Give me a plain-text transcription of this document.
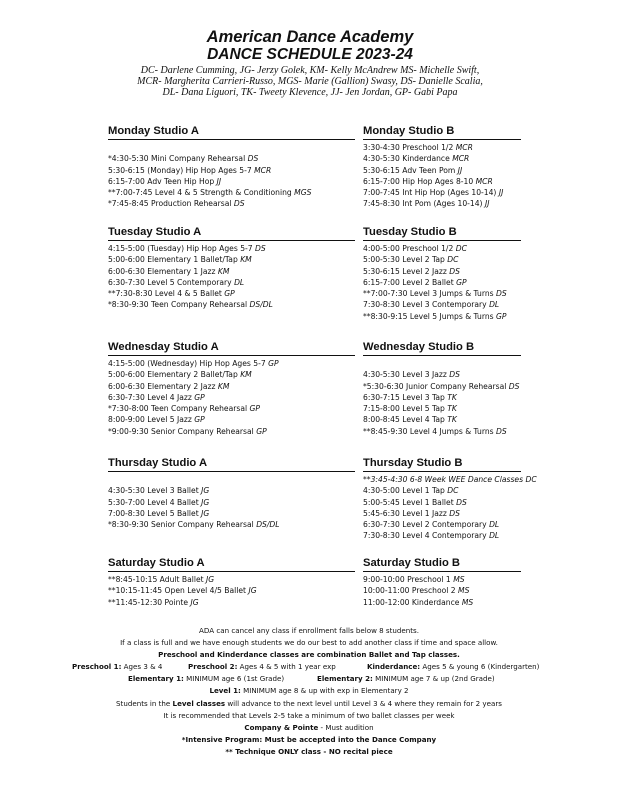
American Dance Academy
DANCE SCHEDULE 2023-24
DC- Darlene Cumming, JG- Jerzy Golek, KM- Kelly McAndrew MS- Michelle Swift,
MCR- Margherita Carrieri-Russo, MGS- Marie (Gallion) Swasy, DS- Danielle Scalia,
DL- Dana Liguori, TK- Tweety Klevence, JJ- Jen Jordan, GP- Gabi Papa
Monday Studio A
*4:30-5:30 Mini Company Rehearsal DS
5:30-6:15 (Monday) Hip Hop Ages 5-7 MCR
6:15-7:00 Adv Teen Hip Hop JJ
**7:00-7:45 Level 4 & 5 Strength & Conditioning MGS
*7:45-8:45 Production Rehearsal DS
Monday Studio B
3:30-4:30 Preschool 1/2 MCR
4:30-5:30 Kinderdance MCR
5:30-6:15 Adv Teen Pom JJ
6:15-7:00 Hip Hop Ages 8-10 MCR
7:00-7:45 Int Hip Hop (Ages 10-14) JJ
7:45-8:30 Int Pom (Ages 10-14) JJ
Tuesday Studio A
4:15-5:00 (Tuesday) Hip Hop Ages 5-7 DS
5:00-6:00 Elementary 1 Ballet/Tap KM
6:00-6:30 Elementary 1 Jazz KM
6:30-7:30 Level 5 Contemporary DL
**7:30-8:30 Level 4 & 5 Ballet GP
*8:30-9:30 Teen Company Rehearsal DS/DL
Tuesday Studio B
4:00-5:00 Preschool 1/2 DC
5:00-5:30 Level 2 Tap DC
5:30-6:15 Level 2 Jazz DS
6:15-7:00 Level 2 Ballet GP
**7:00-7:30 Level 3 Jumps & Turns DS
7:30-8:30 Level 3 Contemporary DL
**8:30-9:15 Level 5 Jumps & Turns GP
Wednesday Studio A
4:15-5:00 (Wednesday) Hip Hop Ages 5-7 GP
5:00-6:00 Elementary 2 Ballet/Tap KM
6:00-6:30 Elementary 2 Jazz KM
6:30-7:30 Level 4 Jazz GP
*7:30-8:00 Teen Company Rehearsal GP
8:00-9:00 Level 5 Jazz GP
*9:00-9:30 Senior Company Rehearsal GP
Wednesday Studio B
4:30-5:30 Level 3 Jazz DS
*5:30-6:30 Junior Company Rehearsal DS
6:30-7:15 Level 3 Tap TK
7:15-8:00 Level 5 Tap TK
8:00-8:45 Level 4 Tap TK
**8:45-9:30 Level 4 Jumps & Turns DS
Thursday Studio A
4:30-5:30 Level 3 Ballet JG
5:30-7:00 Level 4 Ballet JG
7:00-8:30 Level 5 Ballet JG
*8:30-9:30 Senior Company Rehearsal DS/DL
Thursday Studio B
**3:45-4:30 6-8 Week WEE Dance Classes DC
4:30-5:00 Level 1 Tap DC
5:00-5:45 Level 1 Ballet DS
5:45-6:30 Level 1 Jazz DS
6:30-7:30 Level 2 Contemporary DL
7:30-8:30 Level 4 Contemporary DL
Saturday Studio A
**8:45-10:15 Adult Ballet JG
**10:15-11:45 Open Level 4/5 Ballet JG
**11:45-12:30 Pointe JG
Saturday Studio B
9:00-10:00 Preschool 1 MS
10:00-11:00 Preschool 2 MS
11:00-12:00 Kinderdance MS
ADA can cancel any class if enrollment falls below 8 students.
If a class is full and we have enough students we do our best to add another class if time and space allow.
Preschool and Kinderdance classes are combination Ballet and Tap classes.
Preschool 1: Ages 3 & 4	Preschool 2: Ages 4 & 5 with 1 year exp	Kinderdance: Ages 5 & young 6 (Kindergarten)
Elementary 1: MINIMUM age 6 (1st Grade)	Elementary 2: MINIMUM age 7 & up (2nd Grade)
Level 1: MINIMUM age 8 & up with exp in Elementary 2
Students in the Level classes will advance to the next level until Level 3 & 4 where they remain for 2 years
It is recommended that Levels 2-5 take a minimum of two ballet classes per week
Company & Pointe - Must audition
*Intensive Program: Must be accepted into the Dance Company
** Technique ONLY class - NO recital piece
